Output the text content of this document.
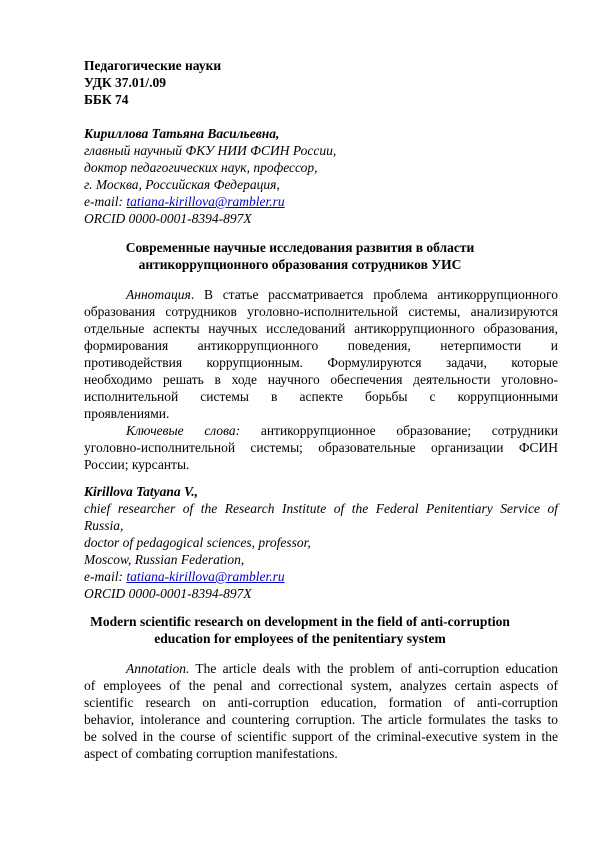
Педагогические науки
УДК 37.01/.09
ББК 74
Кириллова Татьяна Васильевна,
главный научный ФКУ НИИ ФСИН России,
доктор педагогических наук, профессор,
г. Москва, Российская Федерация,
e-mail: tatiana-kirillova@rambler.ru
ORCID 0000-0001-8394-897X
Современные научные исследования развития в области
антикоррупционного образования сотрудников УИС
Аннотация. В статье рассматривается проблема антикоррупционного
образования сотрудников уголовно-исполнительной системы, анализируются
отдельные аспекты научных исследований антикоррупционного образования,
формирования антикоррупционного поведения, нетерпимости и
противодействия коррупционным. Формулируются задачи, которые
необходимо решать в ходе научного обеспечения деятельности уголовно-
исполнительной системы в аспекте борьбы с коррупционными
проявлениями.
Ключевые слова: антикоррупционное образование; сотрудники
уголовно-исполнительной системы; образовательные организации ФСИН
России; курсанты.
Kirillova Tatyana V.,
chief researcher of the Research Institute of the Federal Penitentiary Service of
Russia,
doctor of pedagogical sciences, professor,
Moscow, Russian Federation,
e-mail: tatiana-kirillova@rambler.ru
ORCID 0000-0001-8394-897X
Modern scientific research on development in the field of anti-corruption
education for employees of the penitentiary system
Annotation. The article deals with the problem of anti-corruption education
of employees of the penal and correctional system, analyzes certain aspects of
scientific research on anti-corruption education, formation of anti-corruption
behavior, intolerance and countering corruption. The article formulates the tasks to
be solved in the course of scientific support of the criminal-executive system in the
aspect of combating corruption manifestations.
